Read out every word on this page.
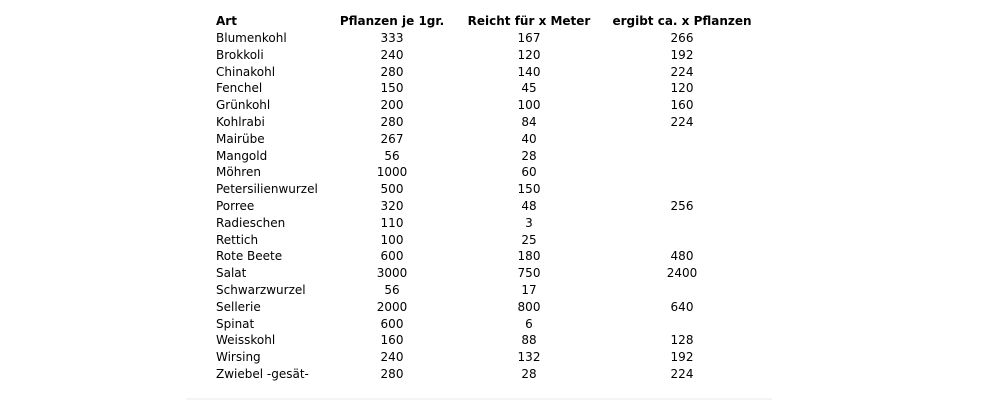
Art	Pflanzen je 1gr.	Reicht für x Meter	ergibt ca. x Pflanzen
Blumenkohl	333	167	266
Brokkoli	240	120	192
Chinakohl	280	140	224
Fenchel	150	45	120
Grünkohl	200	100	160
Kohlrabi	280	84	224
Mairübe	267	40	
Mangold	56	28	
Möhren	1000	60	
Petersilienwurzel	500	150	
Porree	320	48	256
Radieschen	110	3	
Rettich	100	25	
Rote Beete	600	180	480
Salat	3000	750	2400
Schwarzwurzel	56	17	
Sellerie	2000	800	640
Spinat	600	6	
Weisskohl	160	88	128
Wirsing	240	132	192
Zwiebel -gesät-	280	28	224
